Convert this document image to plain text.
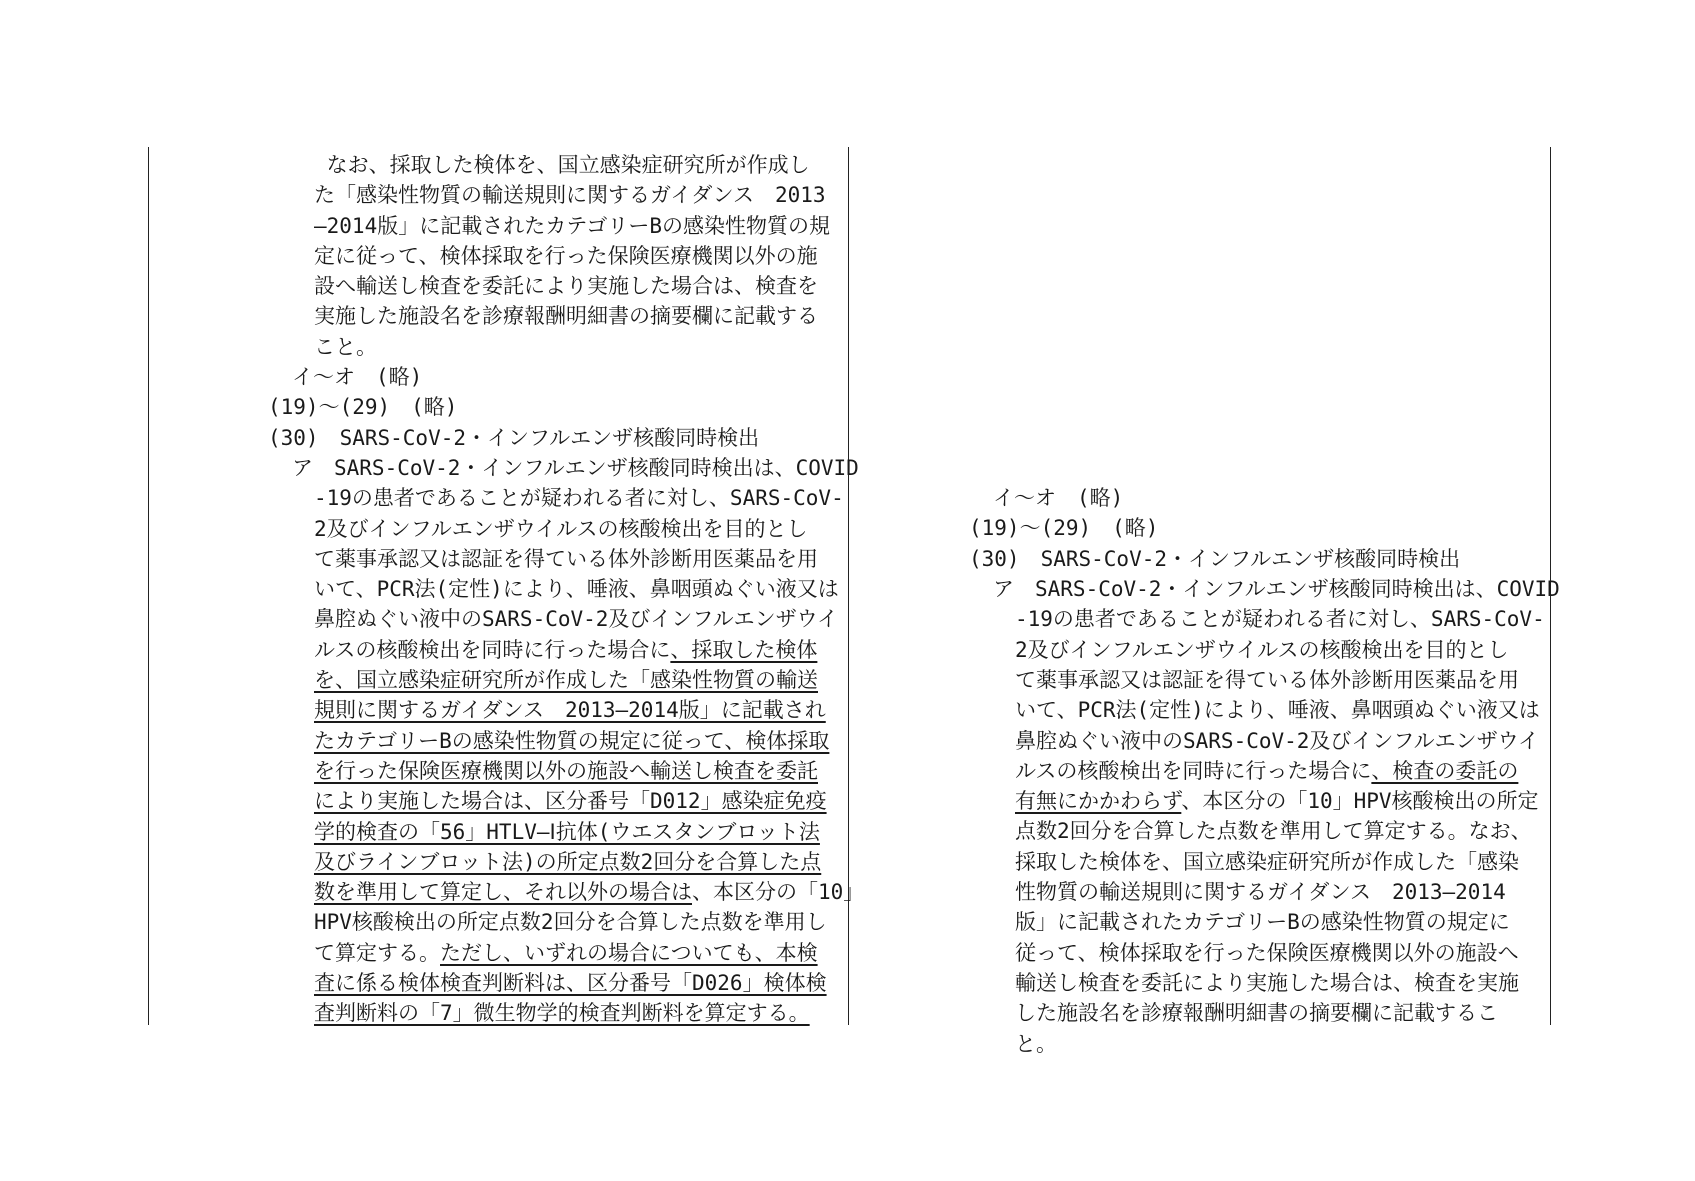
なお、採取した検体を、国立感染症研究所が作成し
た「感染性物質の輸送規則に関するガイダンス　2013
―2014版」に記載されたカテゴリーBの感染性物質の規
定に従って、検体採取を行った保険医療機関以外の施
設へ輸送し検査を委託により実施した場合は、検査を
実施した施設名を診療報酬明細書の摘要欄に記載する
こと。
イ～オ　(略)
(19)～(29)　(略)
(30)　SARS-CoV-2・インフルエンザ核酸同時検出
ア　SARS-CoV-2・インフルエンザ核酸同時検出は、COVID
-19の患者であることが疑われる者に対し、SARS-CoV-
2及びインフルエンザウイルスの核酸検出を目的とし
て薬事承認又は認証を得ている体外診断用医薬品を用
いて、PCR法(定性)により、唾液、鼻咽頭ぬぐい液又は
鼻腔ぬぐい液中のSARS-CoV-2及びインフルエンザウイ
ルスの核酸検出を同時に行った場合に、採取した検体
を、国立感染症研究所が作成した「感染性物質の輸送
規則に関するガイダンス　2013―2014版」に記載され
たカテゴリーBの感染性物質の規定に従って、検体採取
を行った保険医療機関以外の施設へ輸送し検査を委託
により実施した場合は、区分番号「D012」感染症免疫
学的検査の「56」HTLV―Ⅰ抗体(ウエスタンブロット法
及びラインブロット法)の所定点数2回分を合算した点
数を準用して算定し、それ以外の場合は、本区分の「10」
HPV核酸検出の所定点数2回分を合算した点数を準用し
て算定する。ただし、いずれの場合についても、本検
査に係る検体検査判断料は、区分番号「D026」検体検
査判断料の「7」微生物学的検査判断料を算定する。

イ～オ　(略)
(19)～(29)　(略)
(30)　SARS-CoV-2・インフルエンザ核酸同時検出
ア　SARS-CoV-2・インフルエンザ核酸同時検出は、COVID
-19の患者であることが疑われる者に対し、SARS-CoV-
2及びインフルエンザウイルスの核酸検出を目的とし
て薬事承認又は認証を得ている体外診断用医薬品を用
いて、PCR法(定性)により、唾液、鼻咽頭ぬぐい液又は
鼻腔ぬぐい液中のSARS-CoV-2及びインフルエンザウイ
ルスの核酸検出を同時に行った場合に、検査の委託の
有無にかかわらず、本区分の「10」HPV核酸検出の所定
点数2回分を合算した点数を準用して算定する。なお、
採取した検体を、国立感染症研究所が作成した「感染
性物質の輸送規則に関するガイダンス　2013―2014
版」に記載されたカテゴリーBの感染性物質の規定に
従って、検体採取を行った保険医療機関以外の施設へ
輸送し検査を委託により実施した場合は、検査を実施
した施設名を診療報酬明細書の摘要欄に記載するこ
と。
